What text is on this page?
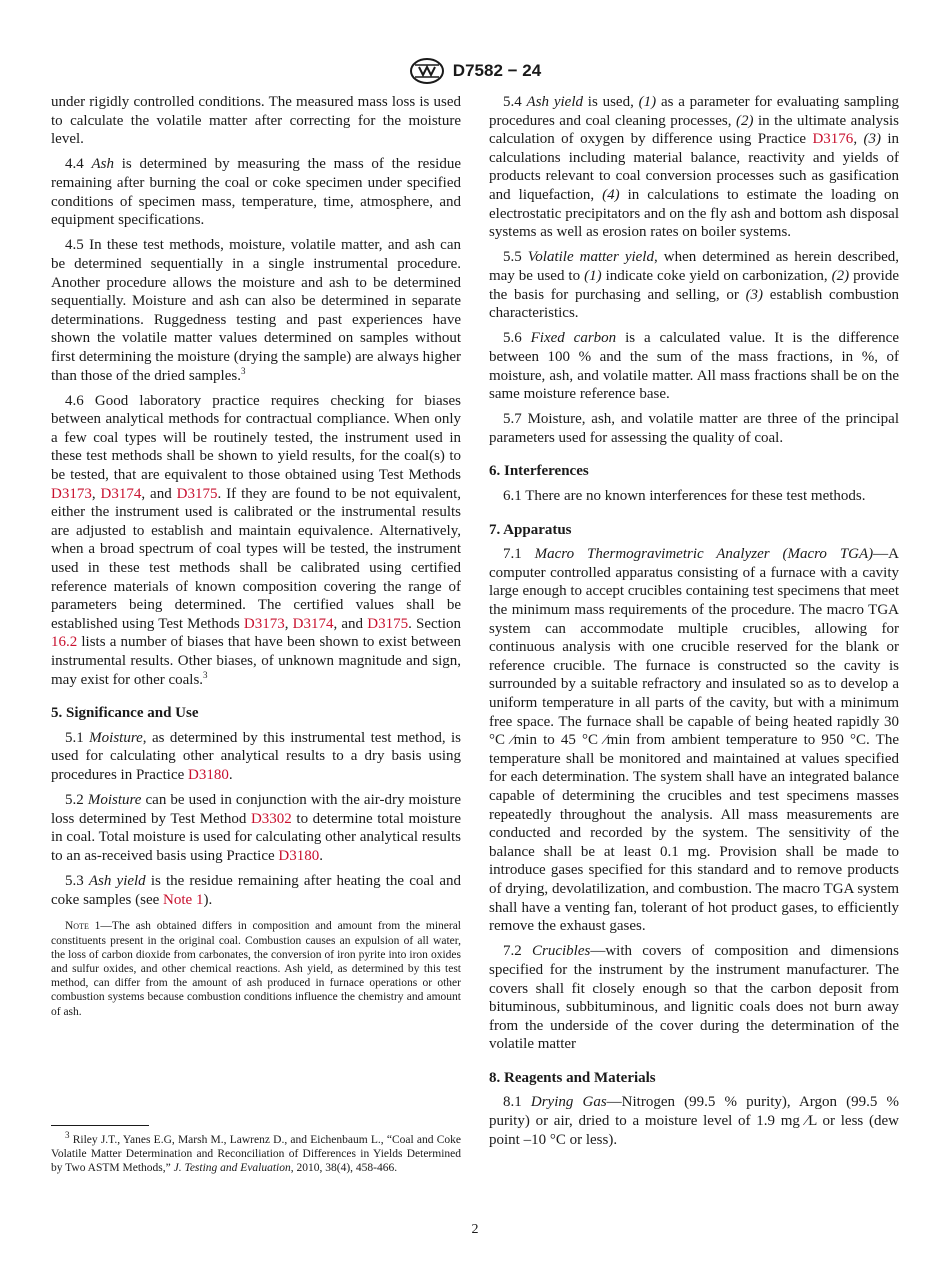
D7582 − 24

under rigidly controlled conditions. The measured mass loss is used to calculate the volatile matter after correcting for the moisture level.

4.4 Ash is determined by measuring the mass of the residue remaining after burning the coal or coke specimen under specified conditions of specimen mass, temperature, time, atmosphere, and equipment specifications.

4.5 In these test methods, moisture, volatile matter, and ash can be determined sequentially in a single instrumental procedure. Another procedure allows the moisture and ash to be determined sequentially. Moisture and ash can also be determined in separate determinations. Ruggedness testing and past experiences have shown the volatile matter values determined on samples without first determining the moisture (drying the sample) are always higher than those of the dried samples.$^3$

4.6 Good laboratory practice requires checking for biases between analytical methods for contractual compliance. When only a few coal types will be routinely tested, the instrument used in these test methods shall be shown to yield results, for the coal(s) to be tested, that are equivalent to those obtained using Test Methods D3173, D3174, and D3175. If they are found to be not equivalent, either the instrument used is calibrated or the instrumental results are adjusted to establish and maintain equivalence. Alternatively, when a broad spectrum of coal types will be tested, the instrument used in these test methods shall be calibrated using certified reference materials of known composition covering the range of parameters being determined. The certified values shall be established using Test Methods D3173, D3174, and D3175. Section 16.2 lists a number of biases that have been shown to exist between instrumental results. Other biases, of unknown magnitude and sign, may exist for other coals.$^3$

5. Significance and Use

5.1 Moisture, as determined by this instrumental test method, is used for calculating other analytical results to a dry basis using procedures in Practice D3180.

5.2 Moisture can be used in conjunction with the air-dry moisture loss determined by Test Method D3302 to determine total moisture in coal. Total moisture is used for calculating other analytical results to an as-received basis using Practice D3180.

5.3 Ash yield is the residue remaining after heating the coal and coke samples (see Note 1).

Note 1—The ash obtained differs in composition and amount from the mineral constituents present in the original coal. Combustion causes an expulsion of all water, the loss of carbon dioxide from carbonates, the conversion of iron pyrite into iron oxides and sulfur oxides, and other chemical reactions. Ash yield, as determined by this test method, can differ from the amount of ash produced in furnace operations or other combustion systems because combustion conditions influence the chemistry and amount of ash.

$^3$ Riley J.T., Yanes E.G, Marsh M., Lawrenz D., and Eichenbaum L., “Coal and Coke Volatile Matter Determination and Reconciliation of Differences in Yields Determined by Two ASTM Methods,” J. Testing and Evaluation, 2010, 38(4), 458-466.

5.4 Ash yield is used, (1) as a parameter for evaluating sampling procedures and coal cleaning processes, (2) in the ultimate analysis calculation of oxygen by difference using Practice D3176, (3) in calculations including material balance, reactivity and yields of products relevant to coal conversion processes such as gasification and liquefaction, (4) in calculations to estimate the loading on electrostatic precipitators and on the fly ash and bottom ash disposal systems as well as erosion rates on boiler systems.

5.5 Volatile matter yield, when determined as herein described, may be used to (1) indicate coke yield on carbonization, (2) provide the basis for purchasing and selling, or (3) establish combustion characteristics.

5.6 Fixed carbon is a calculated value. It is the difference between 100 % and the sum of the mass fractions, in %, of moisture, ash, and volatile matter. All mass fractions shall be on the same moisture reference base.

5.7 Moisture, ash, and volatile matter are three of the principal parameters used for assessing the quality of coal.

6. Interferences

6.1 There are no known interferences for these test methods.

7. Apparatus

7.1 Macro Thermogravimetric Analyzer (Macro TGA)—A computer controlled apparatus consisting of a furnace with a cavity large enough to accept crucibles containing test specimens that meet the minimum mass requirements of the procedure. The macro TGA system can accommodate multiple crucibles, allowing for continuous analysis with one crucible reserved for the blank or reference crucible. The furnace is constructed so the cavity is surrounded by a suitable refractory and insulated so as to develop a uniform temperature in all parts of the cavity, but with a minimum free space. The furnace shall be capable of being heated rapidly 30 °C ⁄min to 45 °C ⁄min from ambient temperature to 950 °C. The temperature shall be monitored and maintained at values specified for each determination. The system shall have an integrated balance capable of determining the crucibles and test specimens masses repeatedly throughout the analysis. All mass measurements are conducted and recorded by the system. The sensitivity of the balance shall be at least 0.1 mg. Provision shall be made to introduce gases specified for this standard and to remove products of drying, devolatilization, and combustion. The macro TGA system shall have a venting fan, tolerant of hot product gases, to efficiently remove the exhaust gases.

7.2 Crucibles—with covers of composition and dimensions specified for the instrument by the instrument manufacturer. The covers shall fit closely enough so that the carbon deposit from bituminous, subbituminous, and lignitic coals does not burn away from the underside of the cover during the determination of the volatile matter

8. Reagents and Materials

8.1 Drying Gas—Nitrogen (99.5 % purity), Argon (99.5 % purity) or air, dried to a moisture level of 1.9 mg ⁄L or less (dew point –10 °C or less).

2
